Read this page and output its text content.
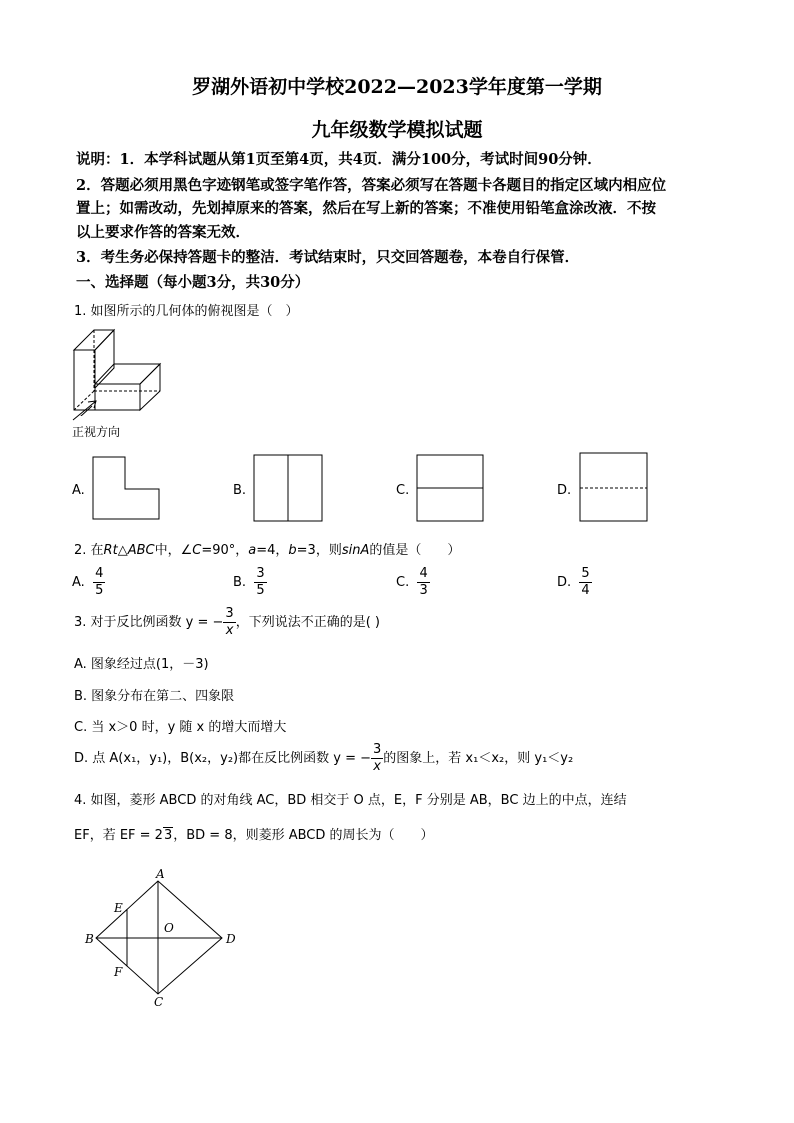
罗湖外语初中学校2022—2023学年度第一学期
九年级数学模拟试题
说明：1．本学科试题从第1页至第4页，共4页．满分100分，考试时间90分钟．
2．答题必须用黑色字迹钢笔或签字笔作答，答案必须写在答题卡各题目的指定区域内相应位
置上；如需改动，先划掉原来的答案，然后在写上新的答案；不准使用铅笔盒涂改液．不按
以上要求作答的答案无效．
3．考生务必保持答题卡的整洁．考试结束时，只交回答题卷，本卷自行保管．
一、选择题（每小题3分，共30分）
1. 如图所示的几何体的俯视图是（　）
正视方向
A.	B.	C.	D.
2. 在Rt△ABC中，∠C=90°，a=4，b=3，则sinA的值是（　　）
A. $\frac{4}{5}$	B. $\frac{3}{5}$	C. $\frac{4}{3}$	D. $\frac{5}{4}$
3. 对于反比例函数 y = − $\frac{3}{x}$ ，下列说法不正确的是( )
A. 图象经过点(1，－3)
B. 图象分布在第二、四象限
C. 当 x＞0 时，y 随 x 的增大而增大
D. 点 A(x₁，y₁)，B(x₂，y₂)都在反比例函数 y = − $\frac{3}{x}$ 的图象上，若 x₁＜x₂，则 y₁＜y₂
4. 如图，菱形 ABCD 的对角线 AC，BD 相交于 O 点，E，F 分别是 AB，BC 边上的中点，连结
EF，若 EF = 23，BD = 8，则菱形 ABCD 的周长为（　　）
A
B
C
D
E
F
O
